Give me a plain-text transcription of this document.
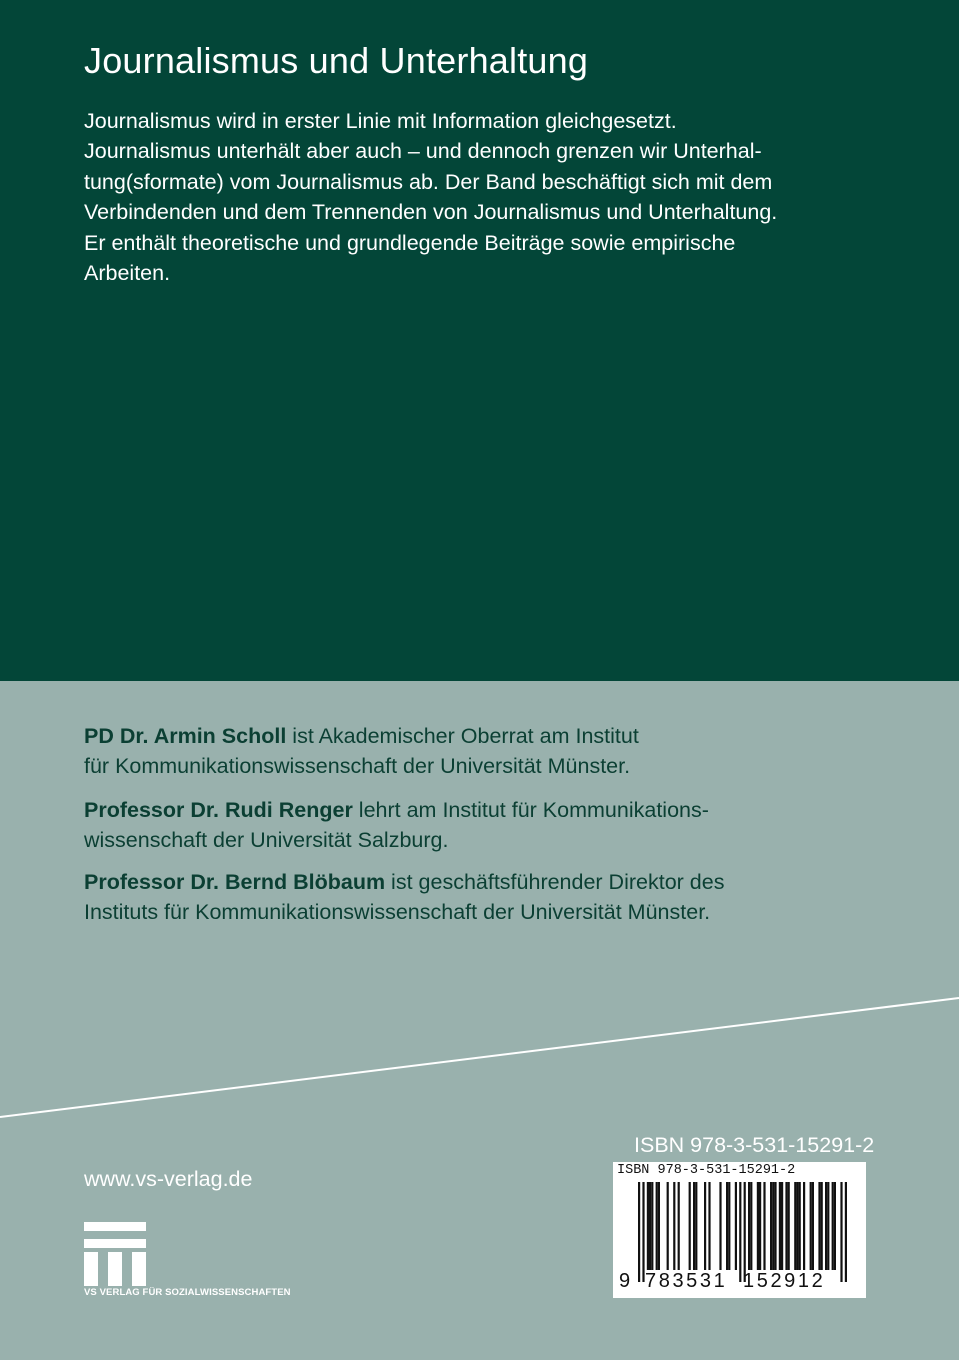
Journalismus und Unterhaltung
Journalismus wird in erster Linie mit Information gleichgesetzt.
Journalismus unterhält aber auch – und dennoch grenzen wir Unterhal-
tung(sformate) vom Journalismus ab. Der Band beschäftigt sich mit dem
Verbindenden und dem Trennenden von Journalismus und Unterhaltung.
Er enthält theoretische und grundlegende Beiträge sowie empirische
Arbeiten.
PD Dr. Armin Scholl ist Akademischer Oberrat am Institut
für Kommunikationswissenschaft der Universität Münster.
Professor Dr. Rudi Renger lehrt am Institut für Kommunikations-
wissenschaft der Universität Salzburg.
Professor Dr. Bernd Blöbaum ist geschäftsführender Direktor des
Instituts für Kommunikationswissenschaft der Universität Münster.
www.vs-verlag.de
VS VERLAG FÜR SOZIALWISSENSCHAFTEN
ISBN 978-3-531-15291-2
ISBN 978-3-531-15291-2
9 783531 152912
